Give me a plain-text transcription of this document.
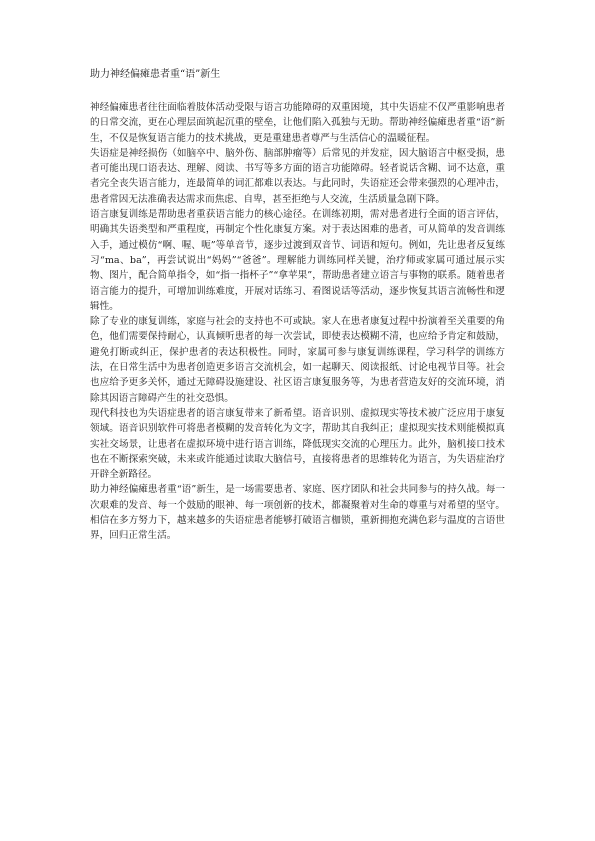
助力神经偏瘫患者重“语”新生

神经偏瘫患者往往面临着肢体活动受限与语言功能障碍的双重困境，其中失语症不仅严重影响患者的日常交流，更在心理层面筑起沉重的壁垒，让他们陷入孤独与无助。帮助神经偏瘫患者重“语”新生，不仅是恢复语言能力的技术挑战，更是重建患者尊严与生活信心的温暖征程。

失语症是神经损伤（如脑卒中、脑外伤、脑部肿瘤等）后常见的并发症，因大脑语言中枢受损，患者可能出现口语表达、理解、阅读、书写等多方面的语言功能障碍。轻者说话含糊、词不达意，重者完全丧失语言能力，连最简单的词汇都难以表达。与此同时，失语症还会带来强烈的心理冲击，患者常因无法准确表达需求而焦虑、自卑，甚至拒绝与人交流，生活质量急剧下降。

语言康复训练是帮助患者重获语言能力的核心途径。在训练初期，需对患者进行全面的语言评估，明确其失语类型和严重程度，再制定个性化康复方案。对于表达困难的患者，可从简单的发音训练入手，通过模仿“啊、喔、呃”等单音节，逐步过渡到双音节、词语和短句。例如，先让患者反复练习“ma、ba”，再尝试说出“妈妈”“爸爸”。理解能力训练同样关键，治疗师或家属可通过展示实物、图片，配合简单指令，如“指一指杯子”“拿苹果”，帮助患者建立语言与事物的联系。随着患者语言能力的提升，可增加训练难度，开展对话练习、看图说话等活动，逐步恢复其语言流畅性和逻辑性。

除了专业的康复训练，家庭与社会的支持也不可或缺。家人在患者康复过程中扮演着至关重要的角色，他们需要保持耐心，认真倾听患者的每一次尝试，即使表达模糊不清，也应给予肯定和鼓励，避免打断或纠正，保护患者的表达积极性。同时，家属可参与康复训练课程，学习科学的训练方法，在日常生活中为患者创造更多语言交流机会，如一起聊天、阅读报纸、讨论电视节目等。社会也应给予更多关怀，通过无障碍设施建设、社区语言康复服务等，为患者营造友好的交流环境，消除其因语言障碍产生的社交恐惧。

现代科技也为失语症患者的语言康复带来了新希望。语音识别、虚拟现实等技术被广泛应用于康复领域。语音识别软件可将患者模糊的发音转化为文字，帮助其自我纠正；虚拟现实技术则能模拟真实社交场景，让患者在虚拟环境中进行语言训练，降低现实交流的心理压力。此外，脑机接口技术也在不断探索突破，未来或许能通过读取大脑信号，直接将患者的思维转化为语言，为失语症治疗开辟全新路径。

助力神经偏瘫患者重“语”新生，是一场需要患者、家庭、医疗团队和社会共同参与的持久战。每一次艰难的发音、每一个鼓励的眼神、每一项创新的技术，都凝聚着对生命的尊重与对希望的坚守。相信在多方努力下，越来越多的失语症患者能够打破语言枷锁，重新拥抱充满色彩与温度的言语世界，回归正常生活。
